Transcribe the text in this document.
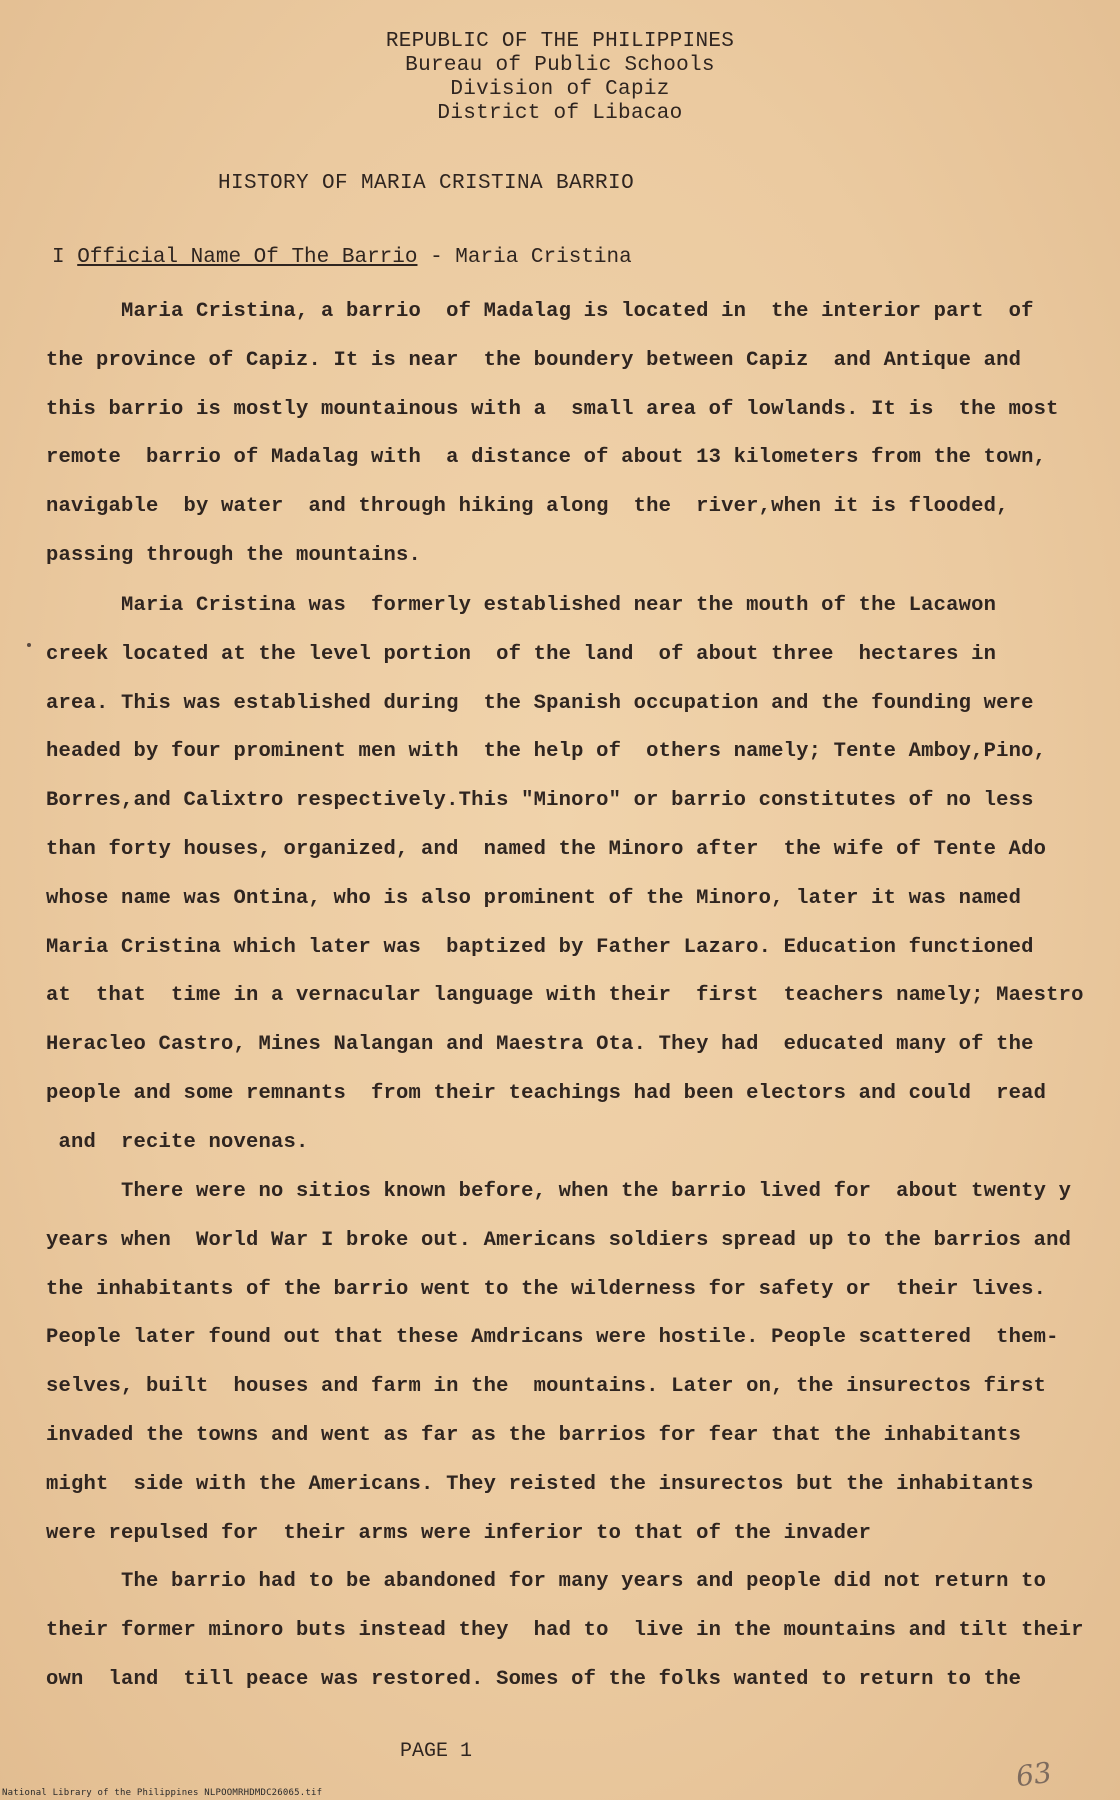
REPUBLIC OF THE PHILIPPINES
Bureau of Public Schools
Division of Capiz
District of Libacao
HISTORY OF MARIA CRISTINA BARRIO
I Official Name Of The Barrio - Maria Cristina
Maria Cristina, a barrio  of Madalag is located in  the interior part  of
the province of Capiz. It is near  the boundery between Capiz  and Antique and
this barrio is mostly mountainous with a  small area of lowlands. It is  the most
remote  barrio of Madalag with  a distance of about 13 kilometers from the town,
navigable  by water  and through hiking along  the  river,when it is flooded,
passing through the mountains.
Maria Cristina was  formerly established near the mouth of the Lacawon
creek located at the level portion  of the land  of about three  hectares in
area. This was established during  the Spanish occupation and the founding were
headed by four prominent men with  the help of  others namely; Tente Amboy,Pino,
Borres,and Calixtro respectively.This "Minoro" or barrio constitutes of no less
than forty houses, organized, and  named the Minoro after  the wife of Tente Ado
whose name was Ontina, who is also prominent of the Minoro, later it was named
Maria Cristina which later was  baptized by Father Lazaro. Education functioned
at  that  time in a vernacular language with their  first  teachers namely; Maestro
Heracleo Castro, Mines Nalangan and Maestra Ota. They had  educated many of the
people and some remnants  from their teachings had been electors and could  read
and  recite novenas.
There were no sitios known before, when the barrio lived for  about twenty y
years when  World War I broke out. Americans soldiers spread up to the barrios and
the inhabitants of the barrio went to the wilderness for safety or  their lives.
People later found out that these Amdricans were hostile. People scattered  them-
selves, built  houses and farm in the  mountains. Later on, the insurectos first
invaded the towns and went as far as the barrios for fear that the inhabitants
might  side with the Americans. They reisted the insurectos but the inhabitants
were repulsed for  their arms were inferior to that of the invader
The barrio had to be abandoned for many years and people did not return to
their former minoro buts instead they  had to  live in the mountains and tilt their
own  land  till peace was restored. Somes of the folks wanted to return to the
PAGE 1
63
National Library of the Philippines NLPOOMRHDMDC26065.tif
